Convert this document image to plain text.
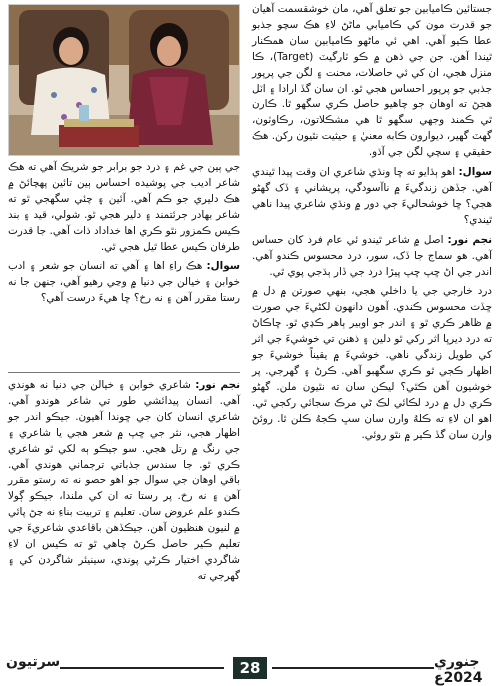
جستائين ڪاميابين جو تعلق آهي، مان خوشقسمت آهيان جو قدرت مون کي ڪاميابي ماڻڻ لاءِ هڪ سچو جذبو عطا ڪيو آهي. اهي ئي ماڻهو ڪاميابين سان همڪنار ٿيندا آهن. جن جي ذهن ۾ ڪو ٽارگيٽ (Target)، ڪا منزل هجي، ان کي ئي حاصلات، محنت ۽ لگن جي پرپور جذبي جو پرپور احساس هجي ٿو. ان سان گڏ ارادا ۽ اٽل هجڻ ته اوهان جو چاهيو حاصل ڪري سگهو ٿا. ڪارن ٿي ڪمند وجهي سگهو ٿا هي مشڪلاتون، رڪاوٽون، گهٽ گهير، ديوارون ڪابه معنيٰ ۽ حيثيت نٿيون رکن. هڪ حقيقي ۽ سچي لگن جي آڌو.

سوال: اهو ٻڌايو ته ڇا ونڌي شاعري ان وقت پيدا ٿيندي آهي. جڏهن زندگيءَ ۾ ناآسودگي، پريشاني ۽ ڏک گهڻو هجي؟ ڇا خوشحاليءَ جي دور ۾ ونڌي شاعري پيدا ناهي ٿيندي؟

نجم نور: اصل ۾ شاعر ٿيندو ئي عام فرد کان حساس آهي. هو سماج جا ڏک، سور، درد محسوس ڪندو آهي. اندر جي اڻ ڇپ ڇپ پيڙا درد جي ڏار ٻڌجي پوي ٿي.

درد خارجي جي يا داخلي هجي، بنهي صورتن ۾ دل ۾ ڇڏت محسوس ڪندي. آهون دانهون لکڻيءَ جي صورت ۾ ظاهر ڪري ٿو ۽ اندر جو اوبير ٻاهر ڪڍي ٿو. ڇاڪاڻ ته درد ديرپا اثر رکي ٿو دلين ۽ ذهنن تي خوشيءَ جي اثر کي طويل زندگي ناهي. خوشيءَ ۾ يقيناً خوشيءَ جو اظهار ڪجي ٿو ڪري سگهبو آهي. ڪرڻ ۽ گهرجي. پر خوشيون آهن ڪٿي؟ ليڪن سان ته نٿيون ملن. گهڻو ڪري دل ۾ درد لڪائي لڪ ڻي مرڪ سجائي رکجي ٿي. اهو ان لاءِ ته ڪلهُ وارن سان سڀ ڪجهُ ڪلن ٿا. روئڻ وارن سان گڏ ڪير ۾ نٿو روئي.

جي ٻين جي غم ۽ درد جو برابر جو شريڪ آهي ته هڪ شاعر اديب جي پوشيده احساس ٻين تائين پهچائڻ ۾ هڪ دليري جو ڪم آهي. آئين ۽ چئي سگهجي ٿو ته شاعر بهادر جرئتمند ۽ دلير هجي ٿو. شولي، قيد ۽ بند ڪيس ڪمزور نٿو ڪري اها خداداد ذات آهي. جا قدرت طرفان ڪيس عطا ٿيل هجي ٿي.

سوال: هڪ راءِ اها ۽ آهي ته انسان جو شعر ۽ ادب خوابن ۽ خيالن جي دنيا ۾ وڃي رهيو آهي، جنهن جا نه رستا مقرر آهن ۽ نه رخ؟ ڇا هيءَ درست آهي؟

نجم نور: شاعري خوابن ۽ خيالن جي دنيا نه هوندي آهي. انسان پيدائشي طور تي شاعر هوندو آهي. شاعري انسان کان جي ڇوندا آهيون. جيڪو اندر جو اظهار هجي، نثر جي ڇپ ۾ شعر هجي يا شاعري ۽ جي رنگ ۾ رتل هجي. سو جيڪو ٻه لکي ٿو شاعري ڪري ٿو. جا سندس جذباتي ترجماني هوندي آهي. باقي اوهان جي سوال جو اهو حصو نه ته رستو مقرر آهن ۽ نه رخ. پر رستا ته ان کي ملندا، جيڪو ڳولا ڪندو علم عروض سان. تعليم ۽ تربيت بناءِ نه ڃڻ پائي ۾ لنيون هنظيون آهن. جيڪڏهن باقاعدي شاعريءَ جي تعليم ڪير حاصل ڪرڻ چاهي ٿو ته ڪيس ان لاءِ شاگردي اختيار ڪرڻي پوندي، سينيئر شاگردن کي ۽ گهرجي ته

سرتيون	28	جنوري 2024ع
